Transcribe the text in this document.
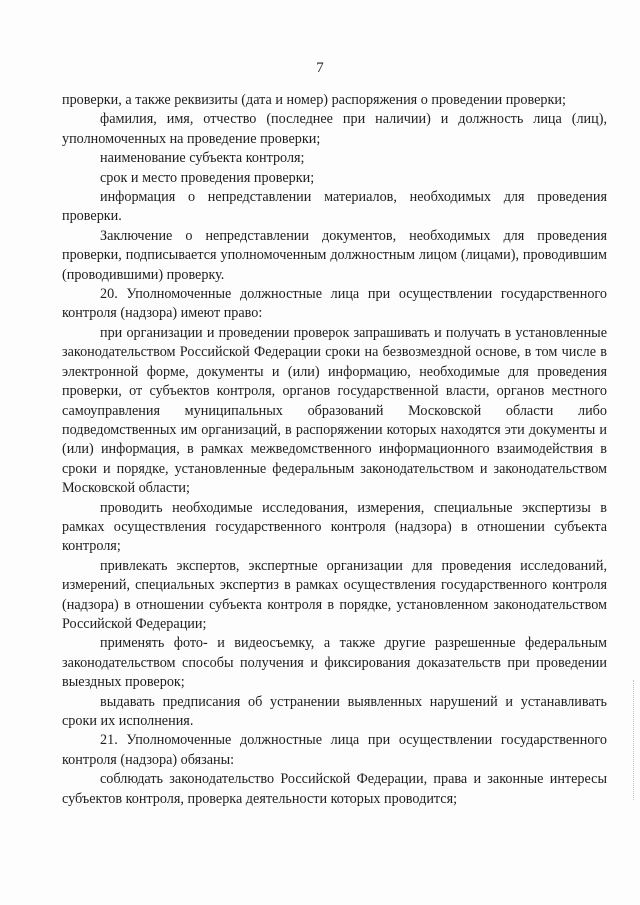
7

проверки, а также реквизиты (дата и номер) распоряжения о проведении проверки;

фамилия, имя, отчество (последнее при наличии) и должность лица (лиц), уполномоченных на проведение проверки;

наименование субъекта контроля;

срок и место проведения проверки;

информация о непредставлении материалов, необходимых для проведения проверки.

Заключение о непредставлении документов, необходимых для проведения проверки, подписывается уполномоченным должностным лицом (лицами), проводившим (проводившими) проверку.

20. Уполномоченные должностные лица при осуществлении государственного контроля (надзора) имеют право:

при организации и проведении проверок запрашивать и получать в установленные законодательством Российской Федерации сроки на безвозмездной основе, в том числе в электронной форме, документы и (или) информацию, необходимые для проведения проверки, от субъектов контроля, органов государственной власти, органов местного самоуправления муниципальных образований Московской области либо подведомственных им организаций, в распоряжении которых находятся эти документы и (или) информация, в рамках межведомственного информационного взаимодействия в сроки и порядке, установленные федеральным законодательством и законодательством Московской области;

проводить необходимые исследования, измерения, специальные экспертизы в рамках осуществления государственного контроля (надзора) в отношении субъекта контроля;

привлекать экспертов, экспертные организации для проведения исследований, измерений, специальных экспертиз в рамках осуществления государственного контроля (надзора) в отношении субъекта контроля в порядке, установленном законодательством Российской Федерации;

применять фото- и видеосъемку, а также другие разрешенные федеральным законодательством способы получения и фиксирования доказательств при проведении выездных проверок;

выдавать предписания об устранении выявленных нарушений и устанавливать сроки их исполнения.

21. Уполномоченные должностные лица при осуществлении государственного контроля (надзора) обязаны:

соблюдать законодательство Российской Федерации, права и законные интересы субъектов контроля, проверка деятельности которых проводится;
